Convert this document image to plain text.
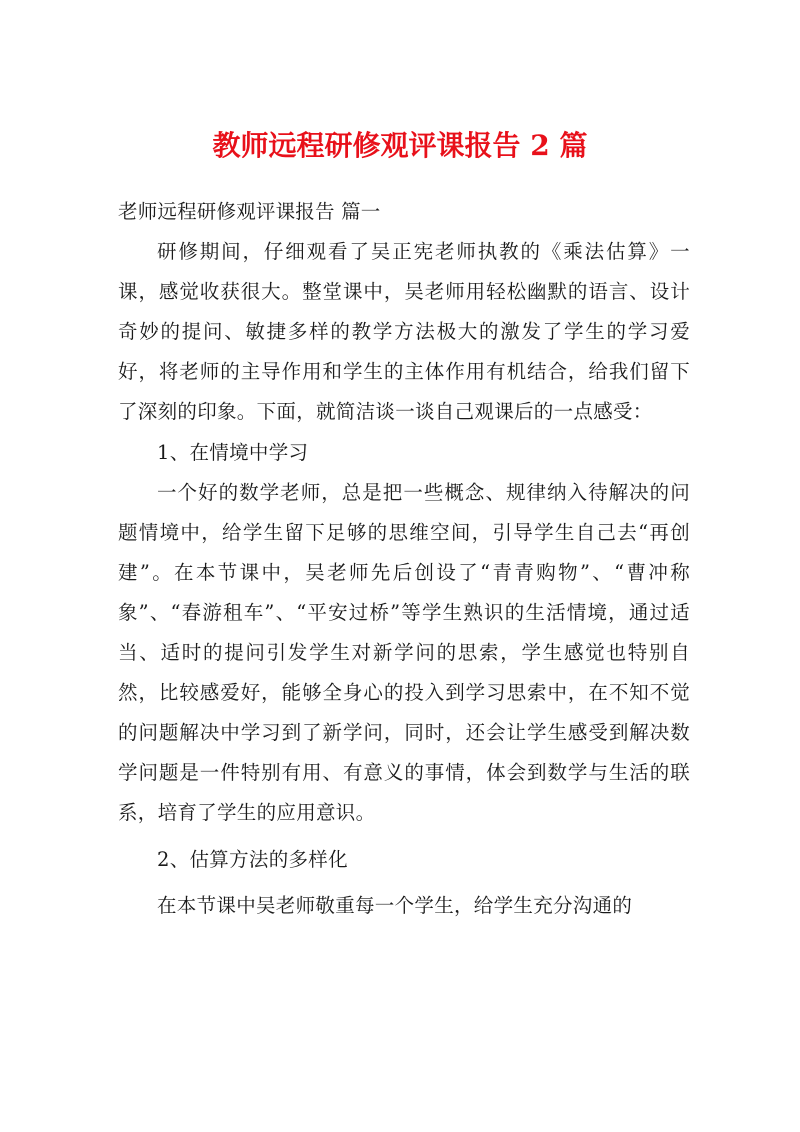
教师远程研修观评课报告 2 篇

老师远程研修观评课报告 篇一

研修期间，仔细观看了吴正宪老师执教的《乘法估算》一课，感觉收获很大。整堂课中，吴老师用轻松幽默的语言、设计奇妙的提问、敏捷多样的教学方法极大的激发了学生的学习爱好，将老师的主导作用和学生的主体作用有机结合，给我们留下了深刻的印象。下面，就简洁谈一谈自己观课后的一点感受：

1、在情境中学习

一个好的数学老师，总是把一些概念、规律纳入待解决的问题情境中，给学生留下足够的思维空间，引导学生自己去“再创建”。在本节课中，吴老师先后创设了“青青购物”、“曹冲称象”、“春游租车”、“平安过桥”等学生熟识的生活情境，通过适当、适时的提问引发学生对新学问的思索，学生感觉也特别自然，比较感爱好，能够全身心的投入到学习思索中，在不知不觉的问题解决中学习到了新学问，同时，还会让学生感受到解决数学问题是一件特别有用、有意义的事情，体会到数学与生活的联系，培育了学生的应用意识。

2、估算方法的多样化

在本节课中吴老师敬重每一个学生，给学生充分沟通的
